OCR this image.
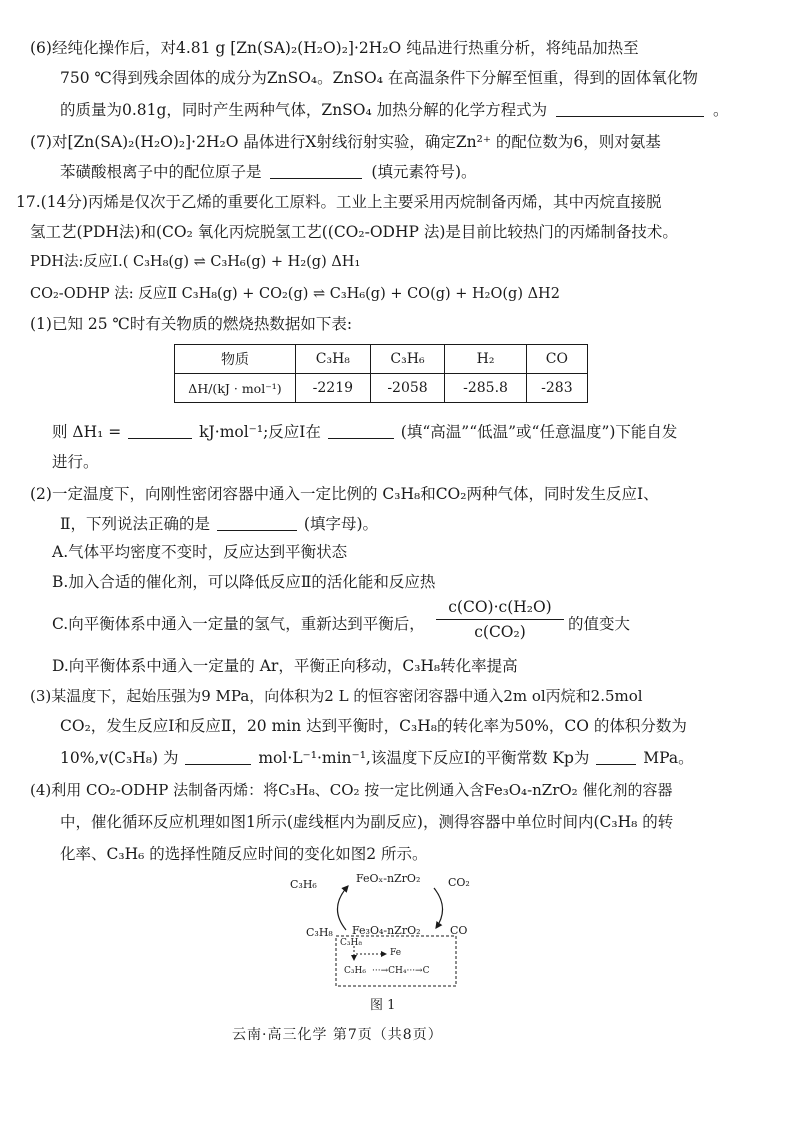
(6)经纯化操作后，对4.81 g [Zn(SA)₂(H₂O)₂]·2H₂O 纯品进行热重分析，将纯品加热至
750 ℃得到残余固体的成分为ZnSO₄。ZnSO₄ 在高温条件下分解至恒重，得到的固体氧化物
的质量为0.81g，同时产生两种气体，ZnSO₄ 加热分解的化学方程式为	。
(7)对[Zn(SA)₂(H₂O)₂]·2H₂O 晶体进行X射线衍射实验，确定Zn²⁺ 的配位数为6，则对氨基
苯磺酸根离子中的配位原子是	(填元素符号)。
17.(14分)丙烯是仅次于乙烯的重要化工原料。工业上主要采用丙烷制备丙烯，其中丙烷直接脱
氢工艺(PDH法)和(CO₂ 氧化丙烷脱氢工艺((CO₂-ODHP 法)是目前比较热门的丙烯制备技术。
PDH法:反应Ⅰ.( C₃H₈(g) ⇌ C₃H₆(g) + H₂(g) ΔH₁
CO₂-ODHP 法: 反应Ⅱ C₃H₈(g) + CO₂(g) ⇌ C₃H₆(g) + CO(g) + H₂O(g) ΔH2
(1)已知 25 ℃时有关物质的燃烧热数据如下表:
物质	C₃H₈	C₃H₆	H₂	CO
ΔH/(kJ · mol⁻¹)	-2219	-2058	-285.8	-283
则 ΔH₁ =	kJ·mol⁻¹;反应Ⅰ在	(填“高温”“低温”或“任意温度”)下能自发
进行。
(2)一定温度下，向刚性密闭容器中通入一定比例的 C₃H₈和CO₂两种气体，同时发生反应Ⅰ、
Ⅱ，下列说法正确的是	(填字母)。
A.气体平均密度不变时，反应达到平衡状态
B.加入合适的催化剂，可以降低反应Ⅱ的活化能和反应热
C.向平衡体系中通入一定量的氢气，重新达到平衡后，
c(CO)·c(H₂O)
c(CO₂)	的值变大
D.向平衡体系中通入一定量的 Ar，平衡正向移动，C₃H₈转化率提高
(3)某温度下，起始压强为9 MPa，向体积为2 L 的恒容密闭容器中通入2m ol丙烷和2.5mol
CO₂，发生反应Ⅰ和反应Ⅱ，20 min 达到平衡时，C₃H₈的转化率为50%，CO 的体积分数为
10%,v(C₃H₈) 为	mol·L⁻¹·min⁻¹,该温度下反应Ⅰ的平衡常数 Kp为	MPa。
(4)利用 CO₂-ODHP 法制备丙烯：将C₃H₈、CO₂ 按一定比例通入含Fe₃O₄-nZrO₂ 催化剂的容器
中，催化循环反应机理如图1所示(虚线框内为副反应)，测得容器中单位时间内(C₃H₈ 的转
化率、C₃H₆ 的选择性随反应时间的变化如图2 所示。
C₃H₆	FeOₓ-nZrO₂	CO₂
C₃H₈ Fe₃O₄-nZrO₂	CO
C₃H₈
Fe
C₃H₆ ···→CH₄···→C
图 1
云南·高三化学 第7页（共8页）
